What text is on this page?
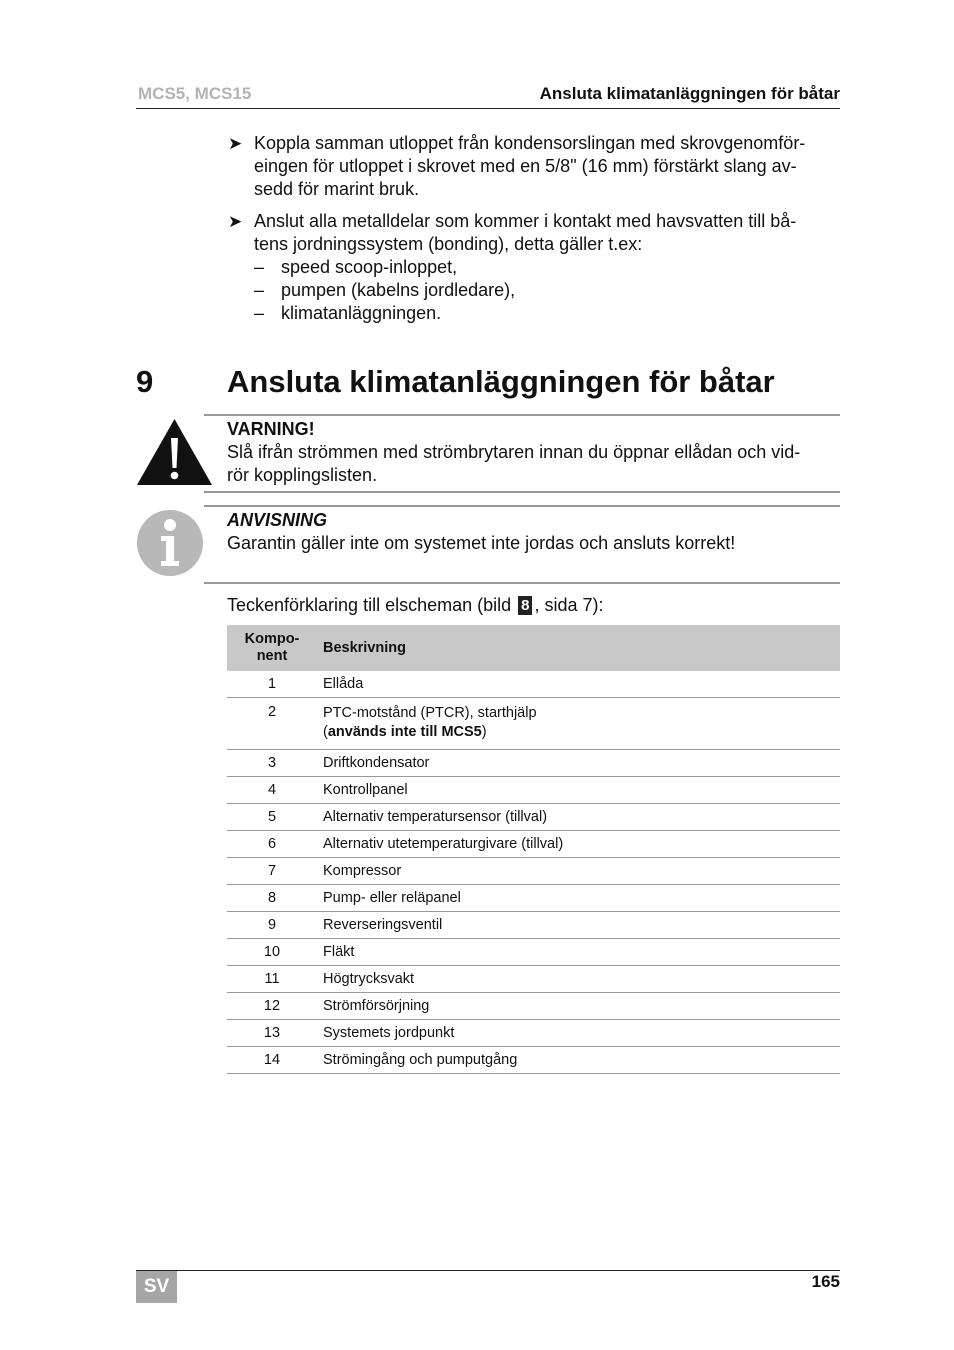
MCS5, MCS15	Ansluta klimatanläggningen för båtar
➤ Koppla samman utloppet från kondensorslingan med skrovgenomför-
eingen för utloppet i skrovet med en 5/8" (16 mm) förstärkt slang av-
sedd för marint bruk.
➤ Anslut alla metalldelar som kommer i kontakt med havsvatten till bå-
tens jordningssystem (bonding), detta gäller t.ex:
– speed scoop-inloppet,
– pumpen (kabelns jordledare),
– klimatanläggningen.
9 Ansluta klimatanläggningen för båtar
VARNING!
Slå ifrån strömmen med strömbrytaren innan du öppnar ellådan och vid-
rör kopplingslisten.
ANVISNING
Garantin gäller inte om systemet inte jordas och ansluts korrekt!
Teckenförklaring till elscheman (bild 8 , sida 7):
Kompo-
nent	Beskrivning
1	Ellåda
2	PTC-motstånd (PTCR), starthjälp
(används inte till MCS5)

3	Driftkondensator
4	Kontrollpanel
5	Alternativ temperatursensor (tillval)
6	Alternativ utetemperaturgivare (tillval)
7	Kompressor
8	Pump- eller reläpanel
9	Reverseringsventil
10	Fläkt
11	Högtrycksvakt
12	Strömförsörjning
13	Systemets jordpunkt
14	Strömingång och pumputgång
SV	165
